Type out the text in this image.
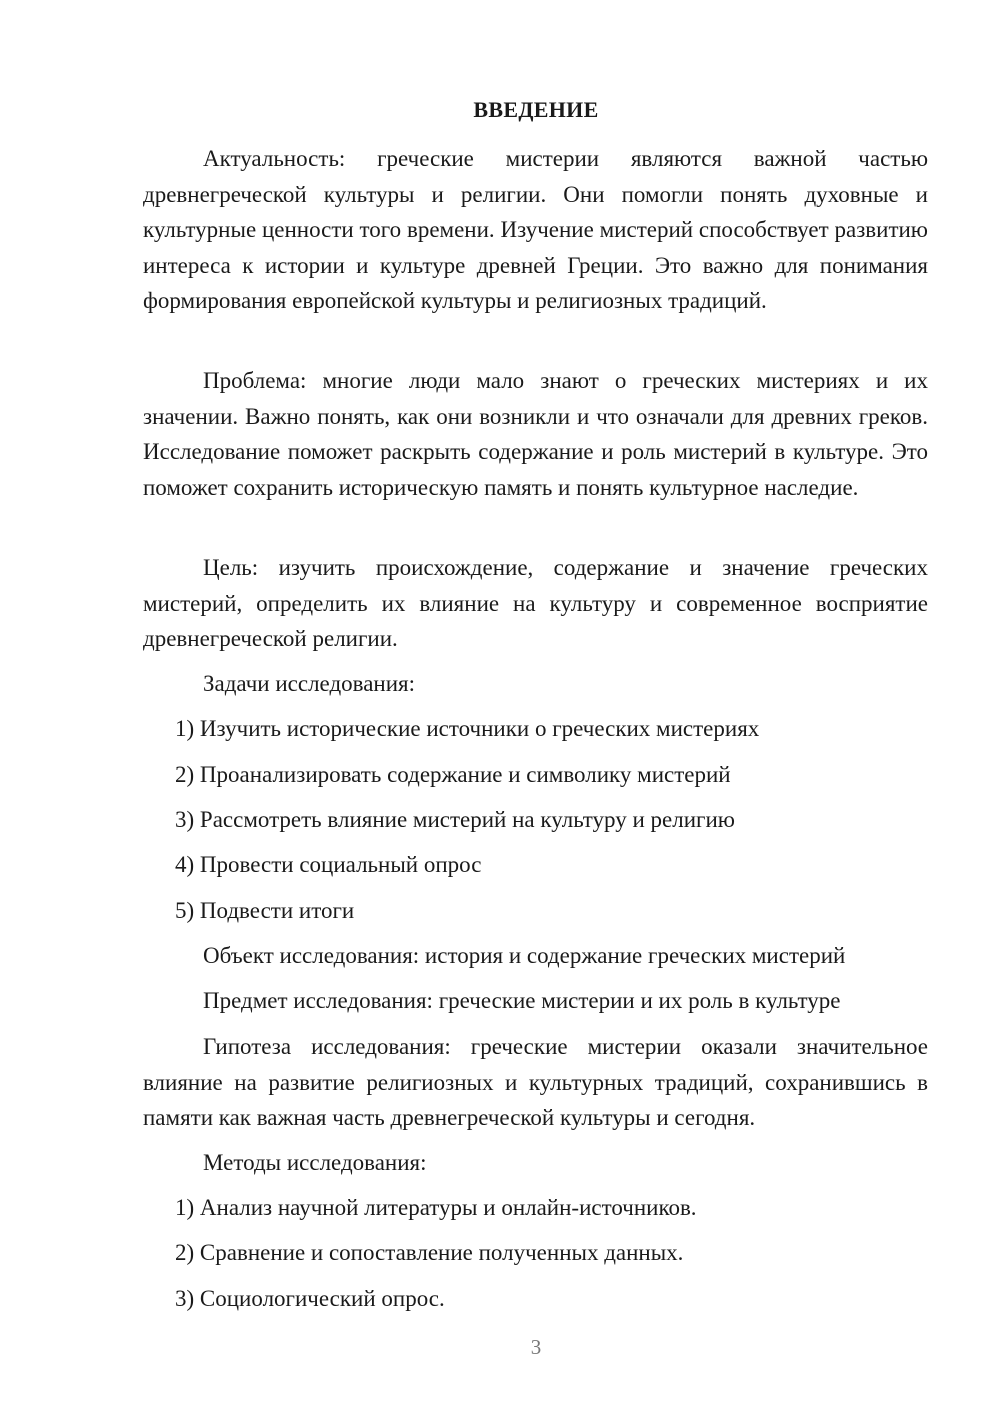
ВВЕДЕНИЕ

Актуальность: греческие мистерии являются важной частью древнегреческой культуры и религии. Они помогли понять духовные и культурные ценности того времени. Изучение мистерий способствует развитию интереса к истории и культуре древней Греции. Это важно для понимания формирования европейской культуры и религиозных традиций.

Проблема: многие люди мало знают о греческих мистериях и их значении. Важно понять, как они возникли и что означали для древних греков. Исследование поможет раскрыть содержание и роль мистерий в культуре. Это поможет сохранить историческую память и понять культурное наследие.

Цель: изучить происхождение, содержание и значение греческих мистерий, определить их влияние на культуру и современное восприятие древнегреческой религии.

Задачи исследования:

1) Изучить исторические источники о греческих мистериях

2) Проанализировать содержание и символику мистерий

3) Рассмотреть влияние мистерий на культуру и религию

4) Провести социальный опрос

5) Подвести итоги

Объект исследования: история и содержание греческих мистерий

Предмет исследования: греческие мистерии и их роль в культуре

Гипотеза исследования: греческие мистерии оказали значительное влияние на развитие религиозных и культурных традиций, сохранившись в памяти как важная часть древнегреческой культуры и сегодня.

Методы исследования:

1) Анализ научной литературы и онлайн-источников.

2) Сравнение и сопоставление полученных данных.

3) Социологический опрос.

3
